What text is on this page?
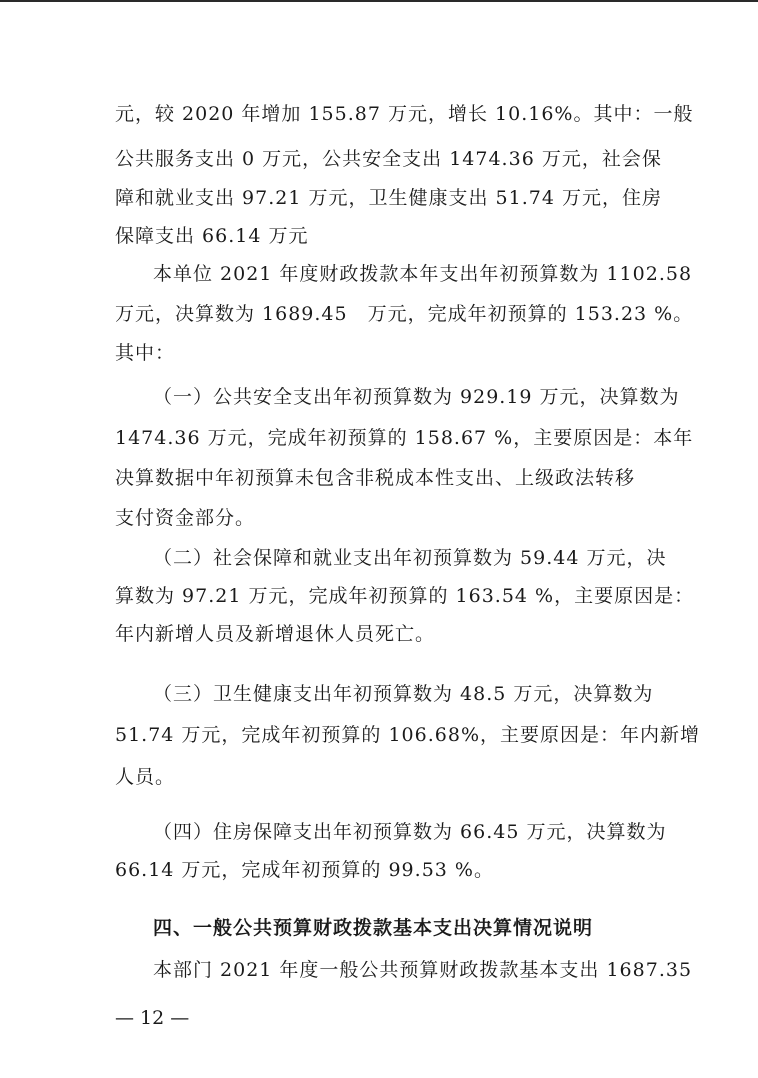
元，较 2020 年增加 155.87 万元，增长 10.16%。其中：一般
公共服务支出 0 万元，公共安全支出 1474.36 万元，社会保
障和就业支出 97.21 万元，卫生健康支出 51.74 万元，住房
保障支出 66.14 万元
本单位 2021 年度财政拨款本年支出年初预算数为 1102.58
万元，决算数为 1689.45　万元，完成年初预算的 153.23 %。
其中：
（一）公共安全支出年初预算数为 929.19 万元，决算数为
1474.36 万元，完成年初预算的 158.67 %，主要原因是：本年
决算数据中年初预算未包含非税成本性支出、上级政法转移
支付资金部分。
（二）社会保障和就业支出年初预算数为 59.44 万元，决
算数为 97.21 万元，完成年初预算的 163.54 %，主要原因是：
年内新增人员及新增退休人员死亡。
（三）卫生健康支出年初预算数为 48.5 万元，决算数为
51.74 万元，完成年初预算的 106.68%，主要原因是：年内新增
人员。
（四）住房保障支出年初预算数为 66.45 万元，决算数为
66.14 万元，完成年初预算的 99.53 %。
四、一般公共预算财政拨款基本支出决算情况说明
本部门 2021 年度一般公共预算财政拨款基本支出 1687.35
— 12 —
